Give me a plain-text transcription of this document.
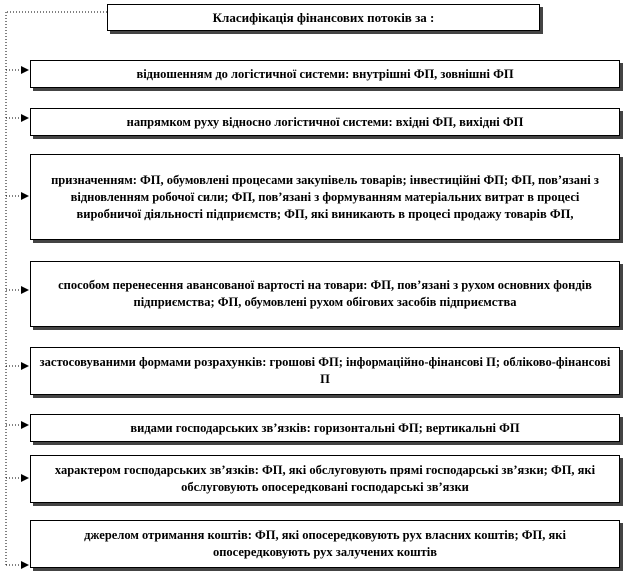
Класифікація фінансових потоків за :
відношенням до логістичної системи: внутрішні ФП, зовнішні ФП
напрямком руху відносно логістичної системи: вхідні ФП, вихідні ФП
призначенням: ФП, обумовлені процесами закупівель товарів; інвестиційні ФП; ФП, пов’язані з відновленням робочої сили; ФП, пов’язані з формуванням матеріальних витрат в процесі виробничої діяльності підприємств; ФП, які виникають в процесі продажу товарів ФП,
способом перенесення авансованої вартості на товари: ФП, пов’язані з рухом основних фондів підприємства; ФП, обумовлені рухом обігових засобів підприємства
застосовуваними формами розрахунків: грошові ФП; інформаційно-фінансові П; обліково-фінансові П
видами господарських зв’язків: горизонтальні ФП; вертикальні ФП
характером господарських зв’язків: ФП, які обслуговують прямі господарські зв’язки; ФП, які обслуговують опосередковані господарські зв’язки
джерелом отримання коштів: ФП, які опосередковують рух власних коштів; ФП, які опосередковують рух залучених коштів
